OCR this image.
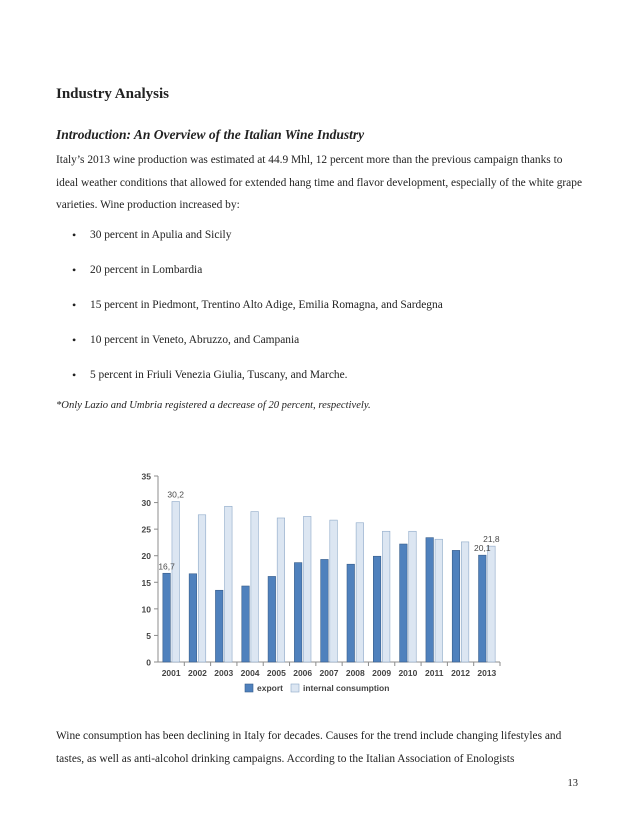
Industry Analysis
Introduction: An Overview of the Italian Wine Industry

Italy’s 2013 wine production was estimated at 44.9 Mhl, 12 percent more than the previous campaign thanks to ideal weather conditions that allowed for extended hang time and flavor development, especially of the white grape varieties. Wine production increased by:

• 30 percent in Apulia and Sicily
• 20 percent in Lombardia
• 15 percent in Piedmont, Trentino Alto Adige, Emilia Romagna, and Sardegna
• 10 percent in Veneto, Abruzzo, and Campania
• 5 percent in Friuli Venezia Giulia, Tuscany, and Marche.

*Only Lazio and Umbria registered a decrease of 20 percent, respectively.

0
5
10
15
20
25
30
35
2001 2002 2003 2004 2005 2006 2007 2008 2009 2010 2011 2012 2013
16,7
30,2
20,1
21,8
export internal consumption

Wine consumption has been declining in Italy for decades. Causes for the trend include changing lifestyles and tastes, as well as anti-alcohol drinking campaigns. According to the Italian Association of Enologists

13
